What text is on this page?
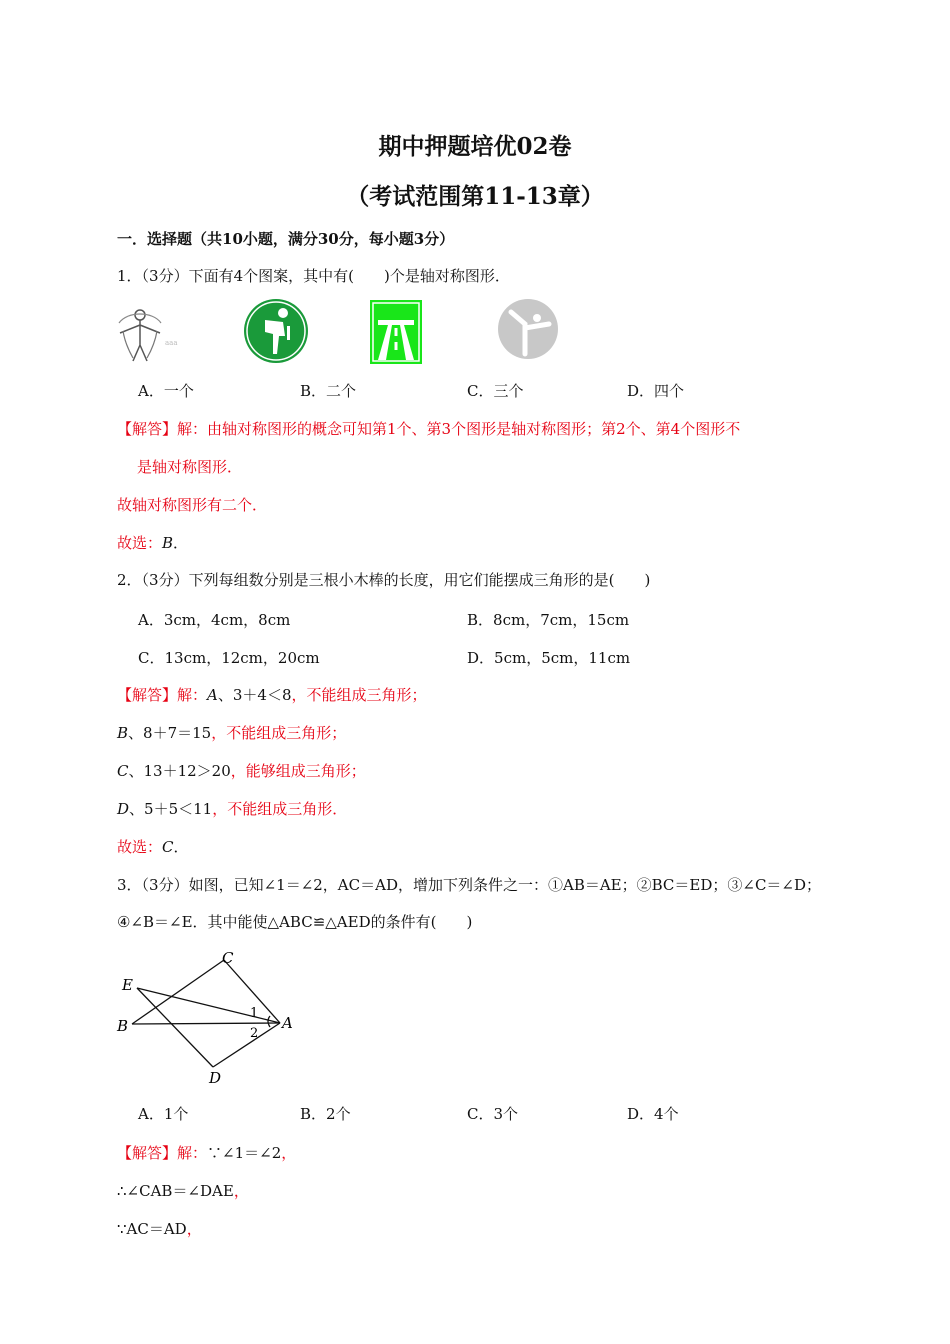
期中押题培优02卷
（考试范围第11-13章）
一．选择题（共10小题，满分30分，每小题3分）
1．（3分）下面有4个图案，其中有(　　)个是轴对称图形．
aaa
A．一个	B．二个	C．三个	D．四个
【解答】解：由轴对称图形的概念可知第1个、第3个图形是轴对称图形；第2个、第4个图形不
是轴对称图形．
故轴对称图形有二个．
故选：B．
2．（3分）下列每组数分别是三根小木棒的长度，用它们能摆成三角形的是(　　)
A．3cm，4cm，8cm	B．8cm，7cm，15cm
C．13cm，12cm，20cm	D．5cm，5cm，11cm
【解答】解：A、3＋4＜8，不能组成三角形；
B、8＋7＝15，不能组成三角形；
C、13＋12＞20，能够组成三角形；
D、5＋5＜11，不能组成三角形．
故选：C．
3．（3分）如图，已知∠1＝∠2，AC＝AD，增加下列条件之一：①AB＝AE；②BC＝ED；③∠C＝∠D；
④∠B＝∠E．其中能使△ABC≌△AED的条件有(　　)
C
E
B	A
D
1
2
A．1个	B．2个	C．3个	D．4个
【解答】解：∵∠1＝∠2，
∴∠CAB＝∠DAE，
∵AC＝AD，
